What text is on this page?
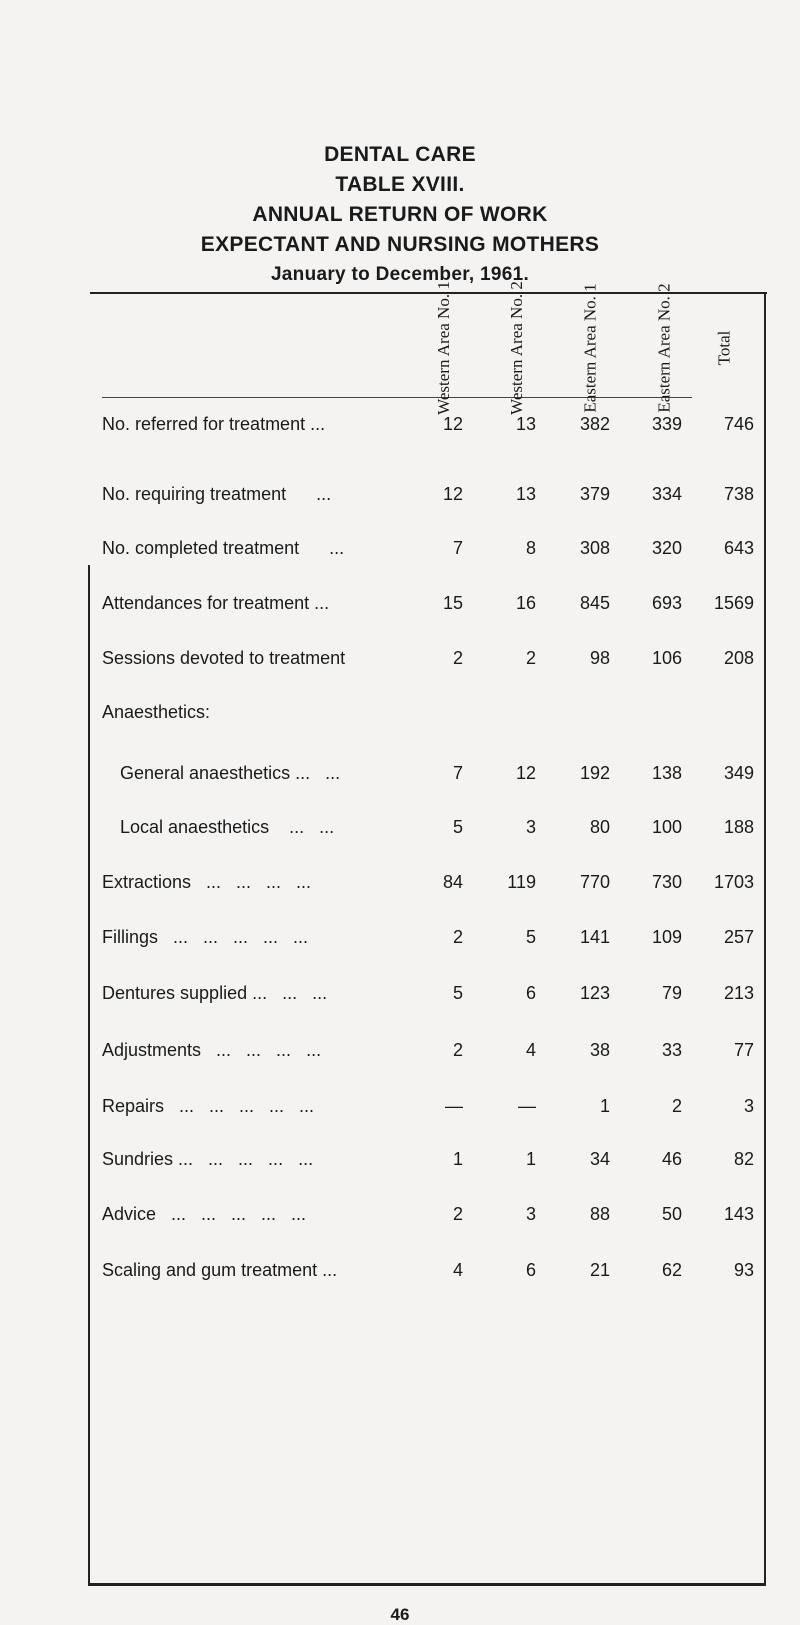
DENTAL CARE
TABLE XVIII.
ANNUAL RETURN OF WORK
EXPECTANT AND NURSING MOTHERS
January to December, 1961.
Western Area No. 1	Western Area No. 2	Eastern Area No. 1	Eastern Area No. 2 Total
No. referred for treatment ...	12	13 382 339 746
No. requiring treatment      ...	12	13 379 334 738
No. completed treatment      ...	7	8 308 320 643
Attendances for treatment ...	15	16 845 693 1569
Sessions devoted to treatment	2	2	98 106 208
Anaesthetics:
General anaesthetics ...   ...	7	12 192 138 349
Local anaesthetics    ...   ...	5	3	80 100 188
Extractions   ...   ...   ...   ...	84 119 770 730 1703
Fillings   ...   ...   ...   ...   ...	2	5 141 109 257
Dentures supplied ...   ...   ...	5	6 123	79 213
Adjustments   ...   ...   ...   ...	2	4	38	33	77
Repairs   ...   ...   ...   ...   ...	—	—	1	2	3
Sundries ...   ...   ...   ...   ...	1	1	34	46	82
Advice   ...   ...   ...   ...   ...	2	3	88	50 143
Scaling and gum treatment ...	4	6	21	62	93
46
